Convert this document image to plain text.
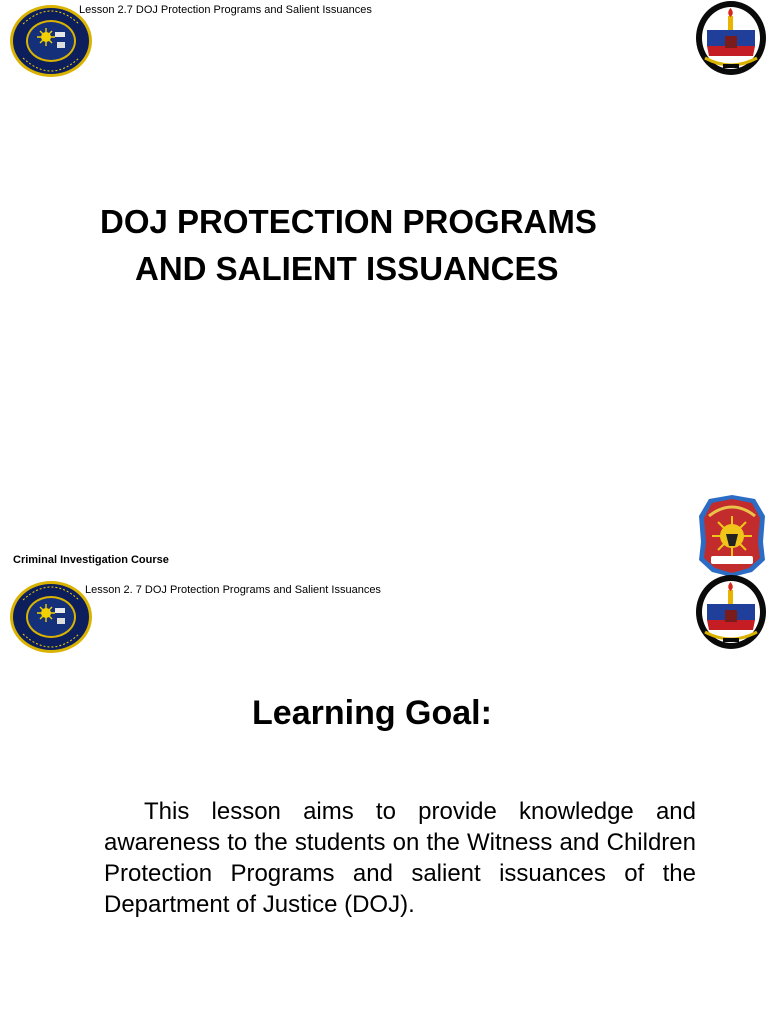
Lesson 2.7 DOJ Protection Programs and Salient Issuances
DOJ PROTECTION PROGRAMS
AND SALIENT ISSUANCES
Criminal Investigation Course
Lesson 2. 7 DOJ Protection Programs and Salient Issuances
Learning Goal:
This lesson aims to provide knowledge and awareness to the students on the Witness and Children Protection Programs and salient issuances of the Department of Justice (DOJ).
